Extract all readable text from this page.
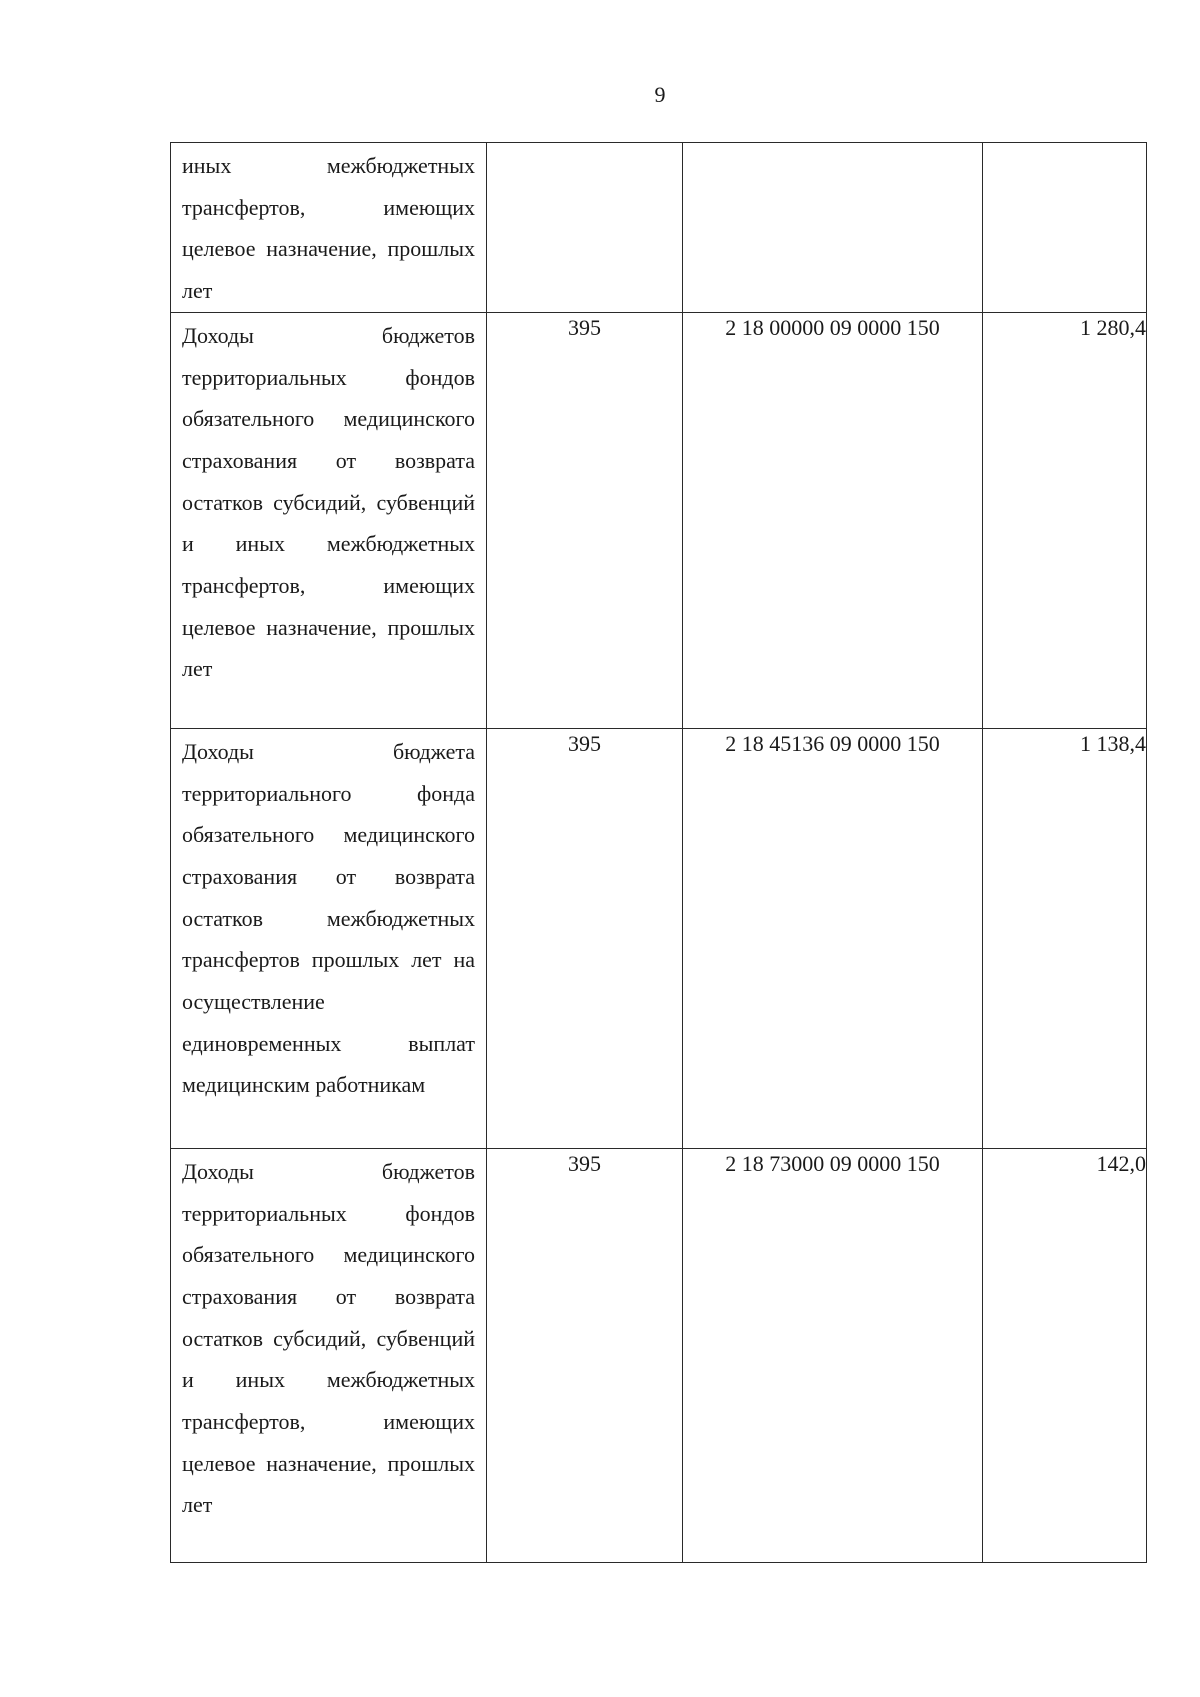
9
иных межбюджетных трансфертов, имеющих целевое назначение, прошлых лет			

Доходы бюджетов территориальных фондов обязательного медицинского страхования от возврата остатков субсидий, субвенций и иных межбюджетных трансфертов, имеющих целевое назначение, прошлых лет	395	2 18 00000 09 0000 150	1 280,4

Доходы бюджета территориального фонда обязательного медицинского страхования от возврата остатков межбюджетных трансфертов прошлых лет на осуществление единовременных выплат медицинским работникам	395	2 18 45136 09 0000 150	1 138,4

Доходы бюджетов территориальных фондов обязательного медицинского страхования от возврата остатков субсидий, субвенций и иных межбюджетных трансфертов, имеющих целевое назначение, прошлых лет	395	2 18 73000 09 0000 150	142,0
